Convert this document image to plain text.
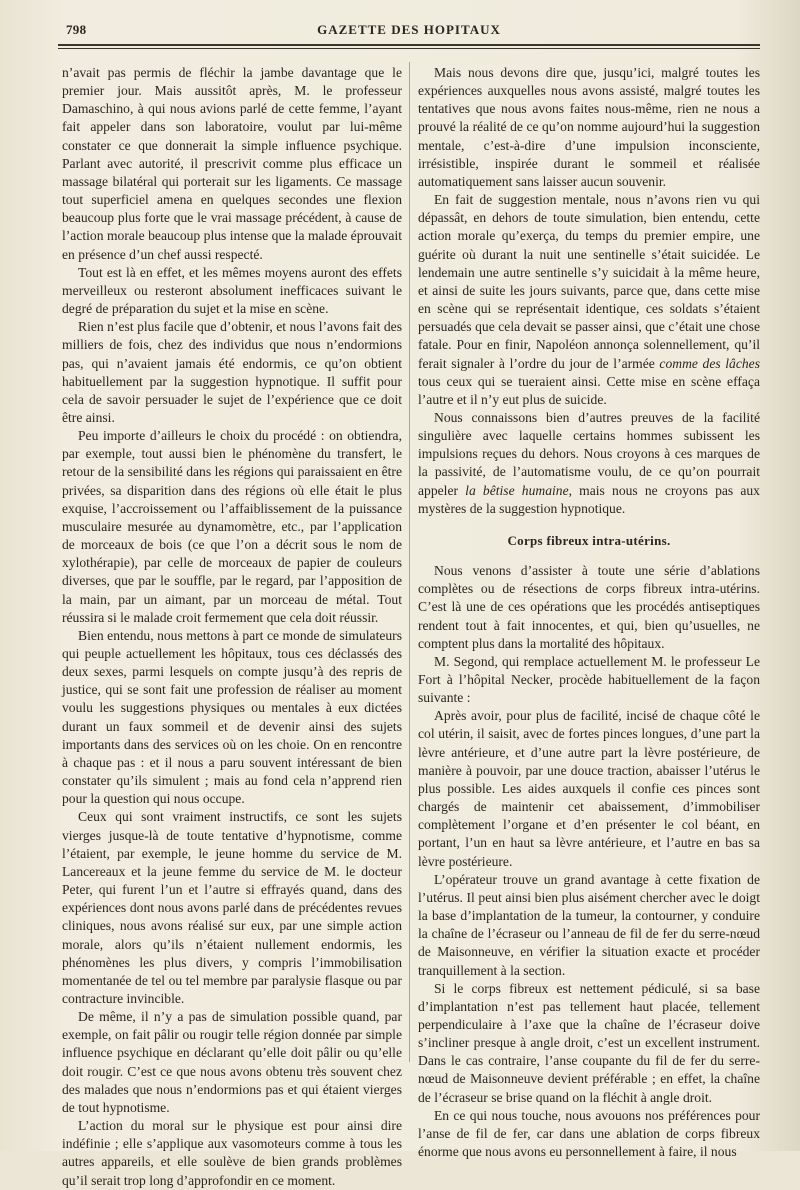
798	GAZETTE DES HOPITAUX

n’avait pas permis de fléchir la jambe davantage que le premier jour. Mais aussitôt après, M. le professeur Damaschino, à qui nous avions parlé de cette femme, l’ayant fait appeler dans son laboratoire, voulut par lui-même constater ce que donnerait la simple influence psychique. Parlant avec autorité, il prescrivit comme plus efficace un massage bilatéral qui porterait sur les ligaments. Ce massage tout superficiel amena en quelques secondes une flexion beaucoup plus forte que le vrai massage précédent, à cause de l’action morale beaucoup plus intense que la malade éprouvait en présence d’un chef aussi respecté.

Tout est là en effet, et les mêmes moyens auront des effets merveilleux ou resteront absolument inefficaces suivant le degré de préparation du sujet et la mise en scène.

Rien n’est plus facile que d’obtenir, et nous l’avons fait des milliers de fois, chez des individus que nous n’endormions pas, qui n’avaient jamais été endormis, ce qu’on obtient habituellement par la suggestion hypnotique. Il suffit pour cela de savoir persuader le sujet de l’expérience que ce doit être ainsi.

Peu importe d’ailleurs le choix du procédé : on obtiendra, par exemple, tout aussi bien le phénomène du transfert, le retour de la sensibilité dans les régions qui paraissaient en être privées, sa disparition dans des régions où elle était le plus exquise, l’accroissement ou l’affaiblissement de la puissance musculaire mesurée au dynamomètre, etc., par l’application de morceaux de bois (ce que l’on a décrit sous le nom de xylothérapie), par celle de morceaux de papier de couleurs diverses, que par le souffle, par le regard, par l’apposition de la main, par un aimant, par un morceau de métal. Tout réussira si le malade croit fermement que cela doit réussir.

Bien entendu, nous mettons à part ce monde de simulateurs qui peuple actuellement les hôpitaux, tous ces déclassés des deux sexes, parmi lesquels on compte jusqu’à des repris de justice, qui se sont fait une profession de réaliser au moment voulu les suggestions physiques ou mentales à eux dictées durant un faux sommeil et de devenir ainsi des sujets importants dans des services où on les choie. On en rencontre à chaque pas : et il nous a paru souvent intéressant de bien constater qu’ils simulent ; mais au fond cela n’apprend rien pour la question qui nous occupe.

Ceux qui sont vraiment instructifs, ce sont les sujets vierges jusque-là de toute tentative d’hypnotisme, comme l’étaient, par exemple, le jeune homme du service de M. Lancereaux et la jeune femme du service de M. le docteur Peter, qui furent l’un et l’autre si effrayés quand, dans des expériences dont nous avons parlé dans de précédentes revues cliniques, nous avons réalisé sur eux, par une simple action morale, alors qu’ils n’étaient nullement endormis, les phénomènes les plus divers, y compris l’immobilisation momentanée de tel ou tel membre par paralysie flasque ou par contracture invincible.

De même, il n’y a pas de simulation possible quand, par exemple, on fait pâlir ou rougir telle région donnée par simple influence psychique en déclarant qu’elle doit pâlir ou qu’elle doit rougir. C’est ce que nous avons obtenu très souvent chez des malades que nous n’endormions pas et qui étaient vierges de tout hypnotisme.

L’action du moral sur le physique est pour ainsi dire indéfinie ; elle s’applique aux vasomoteurs comme à tous les autres appareils, et elle soulève de bien grands problèmes qu’il serait trop long d’approfondir en ce moment.

Mais nous devons dire que, jusqu’ici, malgré toutes les expériences auxquelles nous avons assisté, malgré toutes les tentatives que nous avons faites nous-même, rien ne nous a prouvé la réalité de ce qu’on nomme aujourd’hui la suggestion mentale, c’est-à-dire d’une impulsion inconsciente, irrésistible, inspirée durant le sommeil et réalisée automatiquement sans laisser aucun souvenir.

En fait de suggestion mentale, nous n’avons rien vu qui dépassât, en dehors de toute simulation, bien entendu, cette action morale qu’exerça, du temps du premier empire, une guérite où durant la nuit une sentinelle s’était suicidée. Le lendemain une autre sentinelle s’y suicidait à la même heure, et ainsi de suite les jours suivants, parce que, dans cette mise en scène qui se représentait identique, ces soldats s’étaient persuadés que cela devait se passer ainsi, que c’était une chose fatale. Pour en finir, Napoléon annonça solennellement, qu’il ferait signaler à l’ordre du jour de l’armée comme des lâches tous ceux qui se tueraient ainsi. Cette mise en scène effaça l’autre et il n’y eut plus de suicide.

Nous connaissons bien d’autres preuves de la facilité singulière avec laquelle certains hommes subissent les impulsions reçues du dehors. Nous croyons à ces marques de la passivité, de l’automatisme voulu, de ce qu’on pourrait appeler la bêtise humaine, mais nous ne croyons pas aux mystères de la suggestion hypnotique.

Corps fibreux intra-utérins.

Nous venons d’assister à toute une série d’ablations complètes ou de résections de corps fibreux intra-utérins. C’est là une de ces opérations que les procédés antiseptiques rendent tout à fait innocentes, et qui, bien qu’usuelles, ne comptent plus dans la mortalité des hôpitaux.

M. Segond, qui remplace actuellement M. le professeur Le Fort à l’hôpital Necker, procède habituellement de la façon suivante :

Après avoir, pour plus de facilité, incisé de chaque côté le col utérin, il saisit, avec de fortes pinces longues, d’une part la lèvre antérieure, et d’une autre part la lèvre postérieure, de manière à pouvoir, par une douce traction, abaisser l’utérus le plus possible. Les aides auxquels il confie ces pinces sont chargés de maintenir cet abaissement, d’immobiliser complètement l’organe et d’en présenter le col béant, en portant, l’un en haut sa lèvre antérieure, et l’autre en bas sa lèvre postérieure.

L’opérateur trouve un grand avantage à cette fixation de l’utérus. Il peut ainsi bien plus aisément chercher avec le doigt la base d’implantation de la tumeur, la contourner, y conduire la chaîne de l’écraseur ou l’anneau de fil de fer du serre-nœud de Maisonneuve, en vérifier la situation exacte et procéder tranquillement à la section.

Si le corps fibreux est nettement pédiculé, si sa base d’implantation n’est pas tellement haut placée, tellement perpendiculaire à l’axe que la chaîne de l’écraseur doive s’incliner presque à angle droit, c’est un excellent instrument. Dans le cas contraire, l’anse coupante du fil de fer du serre-nœud de Maisonneuve devient préférable ; en effet, la chaîne de l’écraseur se brise quand on la fléchit à angle droit.

En ce qui nous touche, nous avouons nos préférences pour l’anse de fil de fer, car dans une ablation de corps fibreux énorme que nous avons eu personnellement à faire, il nous
